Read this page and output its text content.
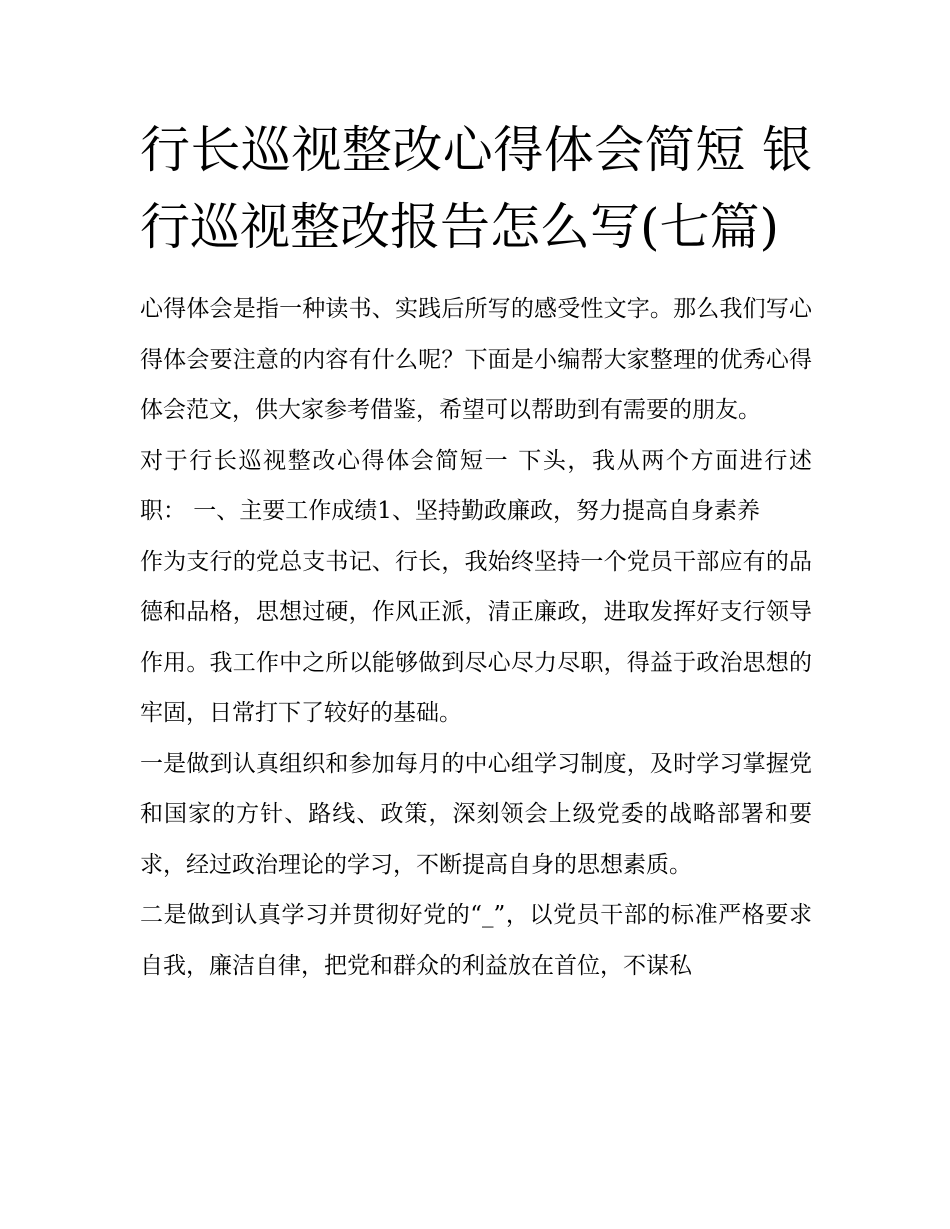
行长巡视整改心得体会简短 银行巡视整改报告怎么写(七篇)

心得体会是指一种读书、实践后所写的感受性文字。那么我们写心得体会要注意的内容有什么呢？下面是小编帮大家整理的优秀心得体会范文，供大家参考借鉴，希望可以帮助到有需要的朋友。

对于行长巡视整改心得体会简短一 下头，我从两个方面进行述职： 一、主要工作成绩1、坚持勤政廉政，努力提高自身素养

作为支行的党总支书记、行长，我始终坚持一个党员干部应有的品德和品格，思想过硬，作风正派，清正廉政，进取发挥好支行领导作用。我工作中之所以能够做到尽心尽力尽职，得益于政治思想的牢固，日常打下了较好的基础。

一是做到认真组织和参加每月的中心组学习制度，及时学习掌握党和国家的方针、路线、政策，深刻领会上级党委的战略部署和要求，经过政治理论的学习，不断提高自身的思想素质。

二是做到认真学习并贯彻好党的“_”，以党员干部的标准严格要求自我，廉洁自律，把党和群众的利益放在首位，不谋私
